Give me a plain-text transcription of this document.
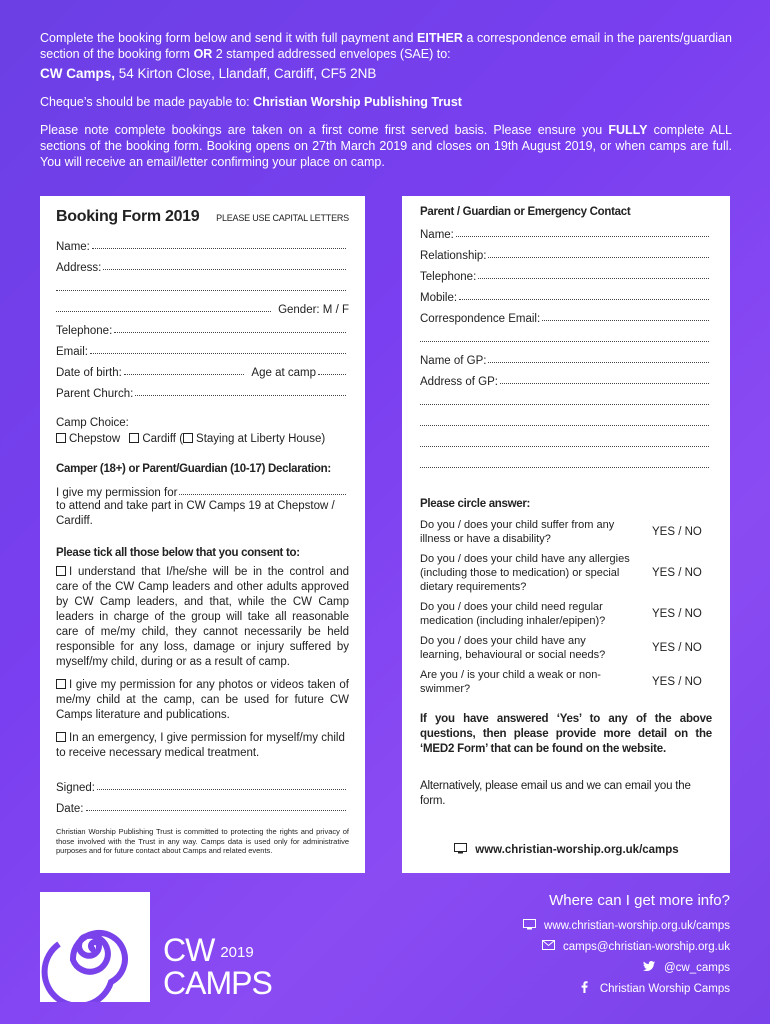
Complete the booking form below and send it with full payment and EITHER a correspondence email in the parents/guardian section of the booking form OR 2 stamped addressed envelopes (SAE) to:

CW Camps, 54 Kirton Close, Llandaff, Cardiff, CF5 2NB

Cheque’s should be made payable to: Christian Worship Publishing Trust

Please note complete bookings are taken on a first come first served basis. Please ensure you FULLY complete ALL sections of the booking form. Booking opens on 27th March 2019 and closes on 19th August 2019, or when camps are full. You will receive an email/letter confirming your place on camp.

Booking Form 2019 PLEASE USE CAPITAL LETTERS
Name:
Address:
Gender: M / F
Telephone:
Email:
Date of birth:	Age at camp
Parent Church:
Camp Choice:
Chepstow Cardiff ( Staying at Liberty House)
Camper (18+) or Parent/Guardian (10-17) Declaration:
I give my permission for
to attend and take part in CW Camps 19 at Chepstow / Cardiff.
Please tick all those below that you consent to:
I understand that I/he/she will be in the control and care of the CW Camp leaders and other adults approved by CW Camp leaders, and that, while the CW Camp leaders in charge of the group will take all reasonable care of me/my child, they cannot necessarily be held responsible for any loss, damage or injury suffered by myself/my child, during or as a result of camp.
I give my permission for any photos or videos taken of me/my child at the camp, can be used for future CW Camps literature and publications.
In an emergency, I give permission for myself/my child to receive necessary medical treatment.
Signed:
Date:
Christian Worship Publishing Trust is committed to protecting the rights and privacy of those involved with the Trust in any way. Camps data is used only for administrative purposes and for future contact about Camps and related events.
Parent / Guardian or Emergency Contact
Name:
Relationship:
Telephone:
Mobile:
Correspondence Email:
Name of GP:
Address of GP:
Please circle answer:
Do you / does your child suffer from any illness or have a disability?
YES / NO
Do you / does your child have any allergies (including those to medication) or special dietary requirements?
YES / NO
Do you / does your child need regular medication (including inhaler/epipen)?
YES / NO
Do you / does your child have any learning, behavioural or social needs?
YES / NO
Are you / is your child a weak or non-swimmer?
YES / NO
If you have answered ‘Yes’ to any of the above questions, then please provide more detail on the ‘MED2 Form’ that can be found on the website.
Alternatively, please email us and we can email you the form.
www.christian-worship.org.uk/camps
CW 2019
CAMPS
Where can I get more info?
www.christian-worship.org.uk/camps
camps@christian-worship.org.uk
@cw_camps
Christian Worship Camps
